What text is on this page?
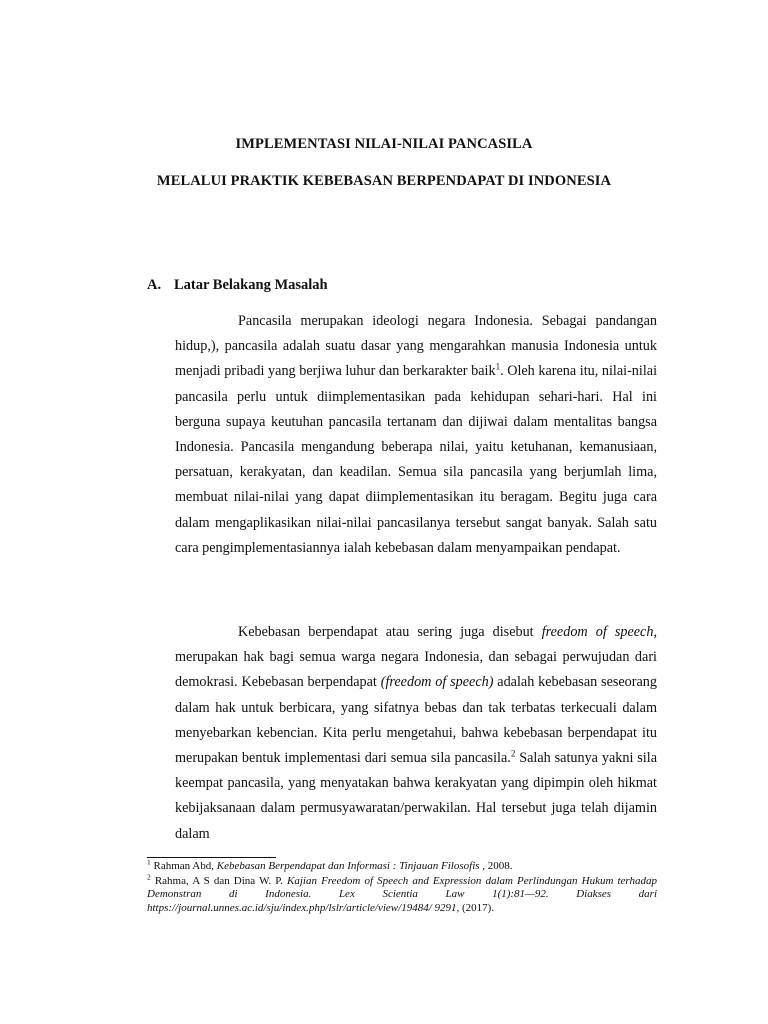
IMPLEMENTASI NILAI-NILAI PANCASILA
MELALUI PRAKTIK KEBEBASAN BERPENDAPAT DI INDONESIA
A. Latar Belakang Masalah

Pancasila merupakan ideologi negara Indonesia. Sebagai pandangan hidup,), pancasila adalah suatu dasar yang mengarahkan manusia Indonesia untuk menjadi pribadi yang berjiwa luhur dan berkarakter baik$^1$. Oleh karena itu, nilai-nilai pancasila perlu untuk diimplementasikan pada kehidupan sehari-hari. Hal ini berguna supaya keutuhan pancasila tertanam dan dijiwai dalam mentalitas bangsa Indonesia. Pancasila mengandung beberapa nilai, yaitu ketuhanan, kemanusiaan, persatuan, kerakyatan, dan keadilan. Semua sila pancasila yang berjumlah lima, membuat nilai-nilai yang dapat diimplementasikan itu beragam. Begitu juga cara dalam mengaplikasikan nilai-nilai pancasilanya tersebut sangat banyak. Salah satu cara pengimplementasiannya ialah kebebasan dalam menyampaikan pendapat.

Kebebasan berpendapat atau sering juga disebut freedom of speech, merupakan hak bagi semua warga negara Indonesia, dan sebagai perwujudan dari demokrasi. Kebebasan berpendapat (freedom of speech) adalah kebebasan seseorang dalam hak untuk berbicara, yang sifatnya bebas dan tak terbatas terkecuali dalam menyebarkan kebencian. Kita perlu mengetahui, bahwa kebebasan berpendapat itu merupakan bentuk implementasi dari semua sila pancasila.$^2$ Salah satunya yakni sila keempat pancasila, yang menyatakan bahwa kerakyatan yang dipimpin oleh hikmat kebijaksanaan dalam permusyawaratan/perwakilan. Hal tersebut juga telah dijamin dalam

$^1$ Rahman Abd, Kebebasan Berpendapat dan Informasi : Tinjauan Filosofis , 2008.

$^2$ Rahma, A S dan Dina W. P. Kajian Freedom of Speech and Expression dalam Perlindungan Hukum terhadap Demonstran di Indonesia. Lex Scientia Law 1(1):81—92. Diakses dari https://journal.unnes.ac.id/sju/index.php/lslr/article/view/19484/ 9291, (2017).
